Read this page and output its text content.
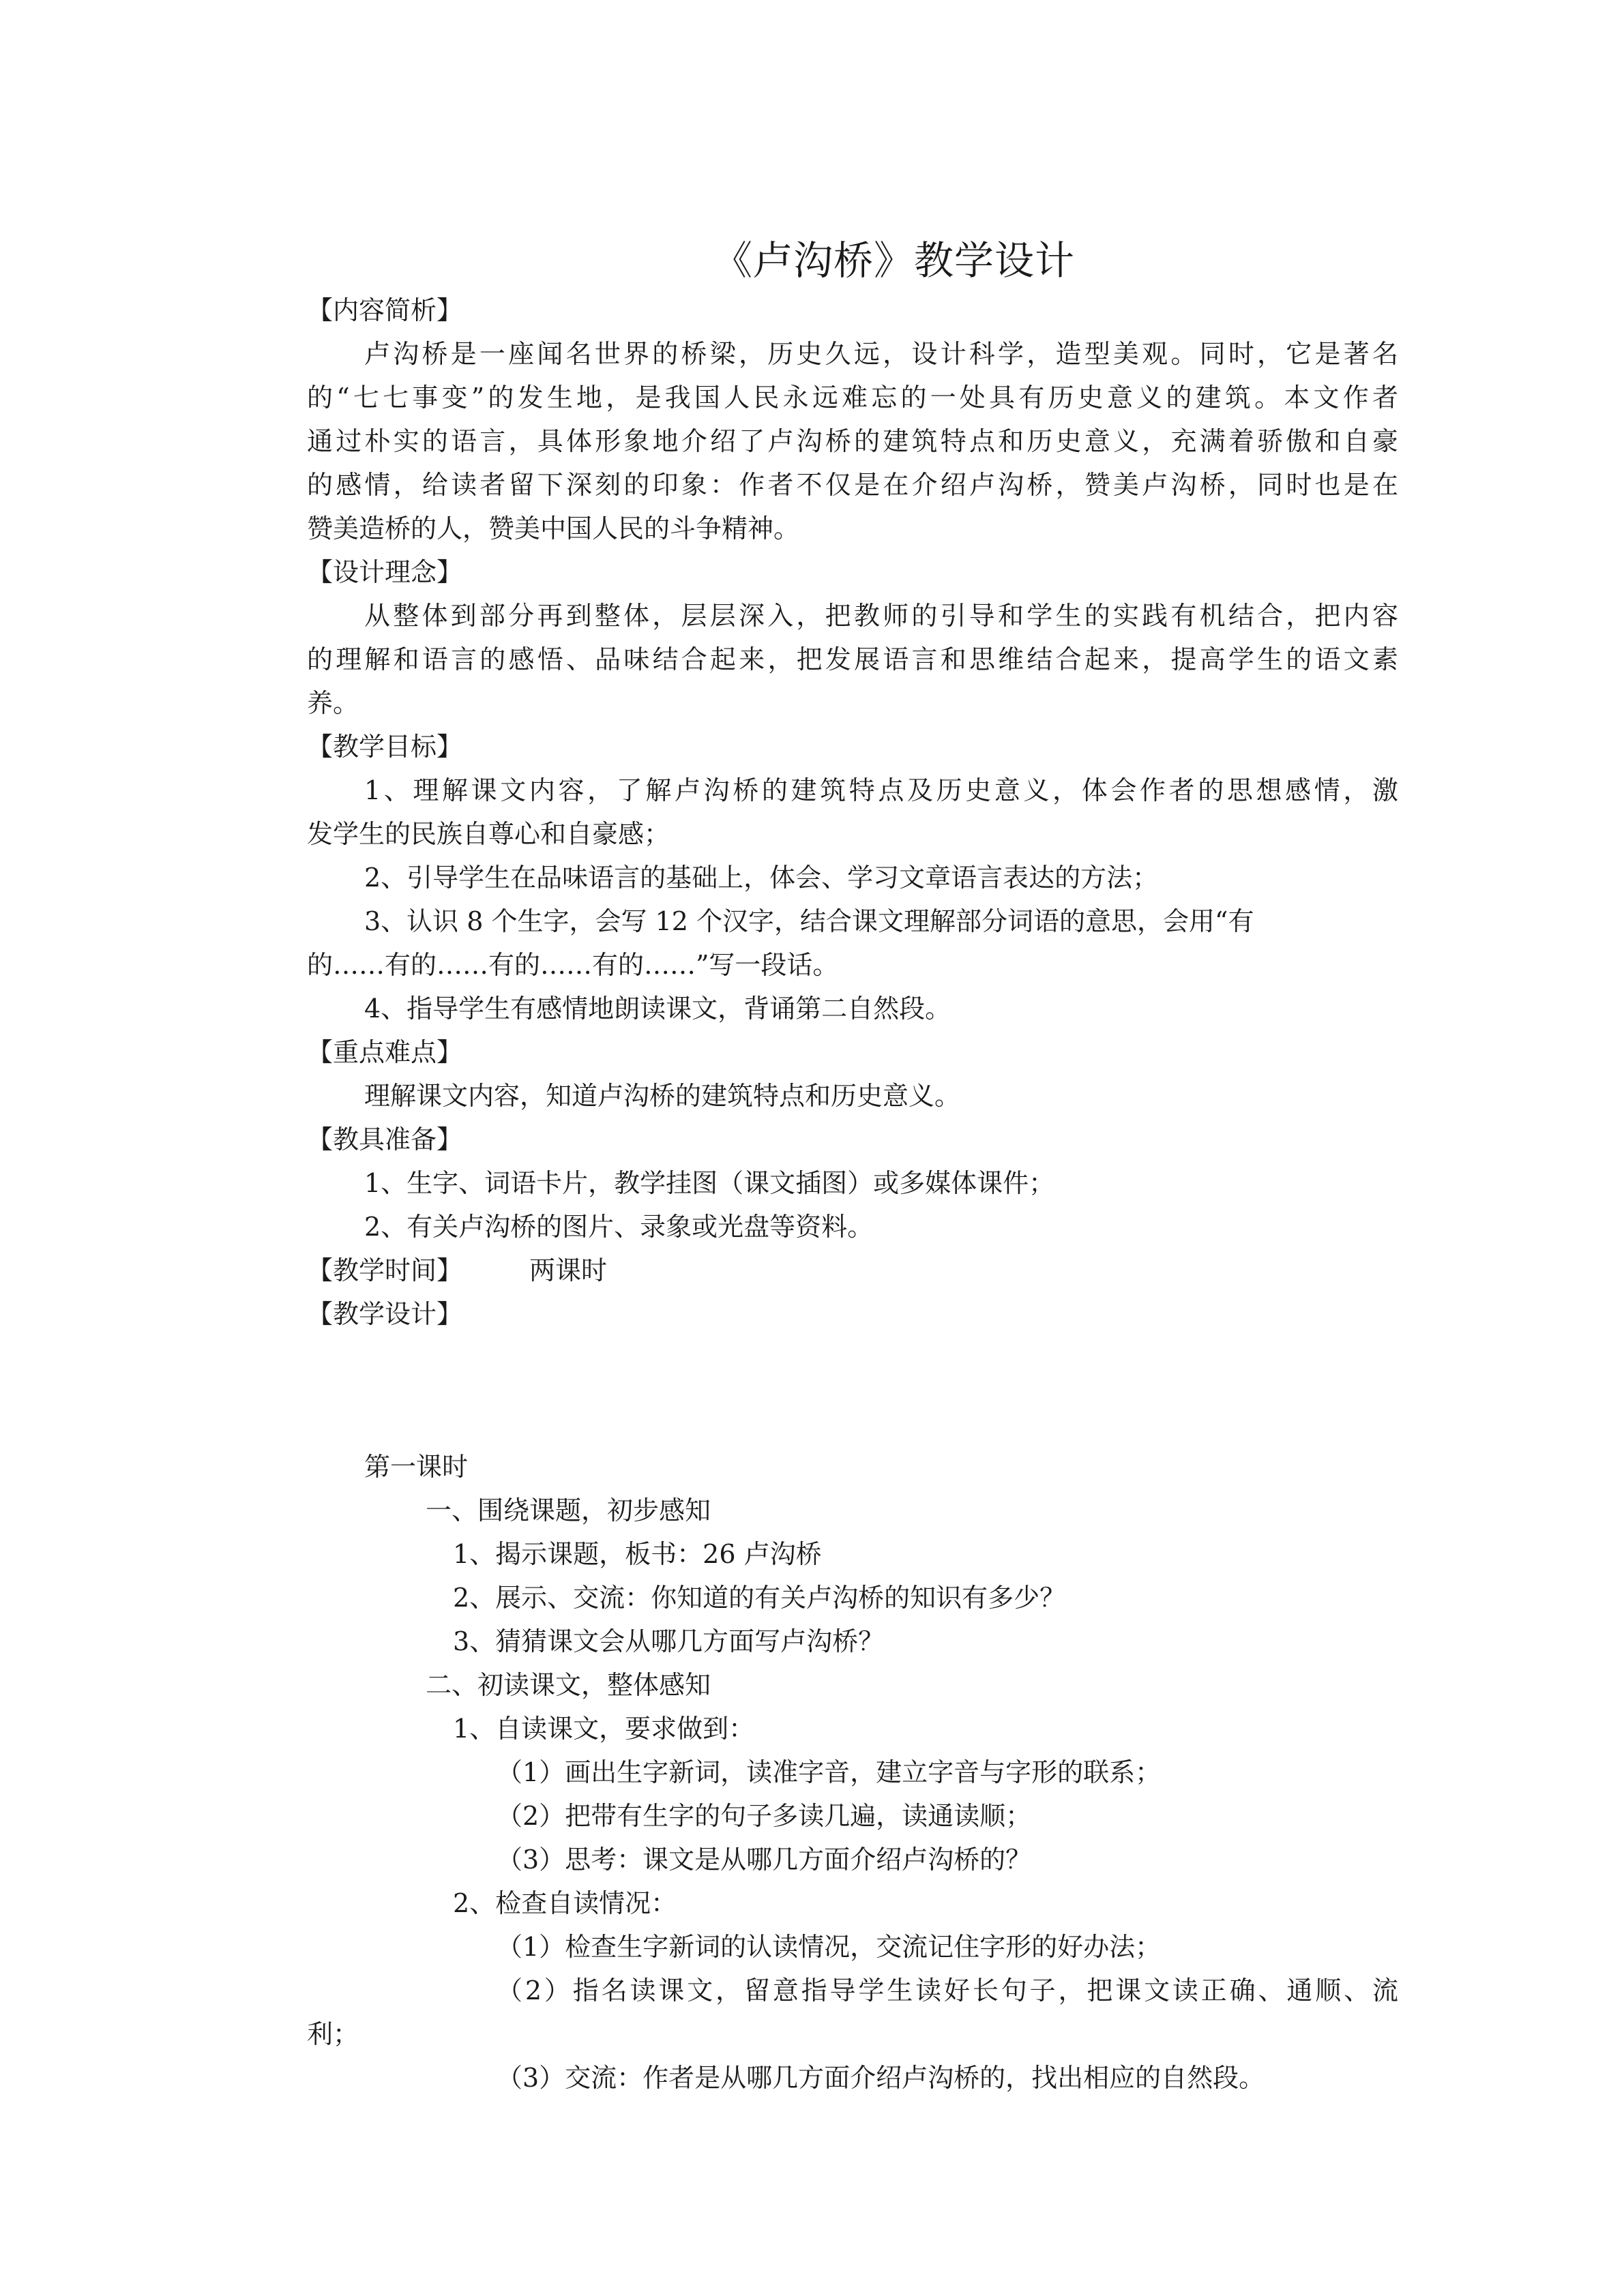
《卢沟桥》教学设计
【内容简析】
卢沟桥是一座闻名世界的桥梁，历史久远，设计科学，造型美观。同时，它是著名
的“七七事变”的发生地，是我国人民永远难忘的一处具有历史意义的建筑。本文作者
通过朴实的语言，具体形象地介绍了卢沟桥的建筑特点和历史意义，充满着骄傲和自豪
的感情，给读者留下深刻的印象：作者不仅是在介绍卢沟桥，赞美卢沟桥，同时也是在
赞美造桥的人，赞美中国人民的斗争精神。
【设计理念】
从整体到部分再到整体，层层深入，把教师的引导和学生的实践有机结合，把内容
的理解和语言的感悟、品味结合起来，把发展语言和思维结合起来，提高学生的语文素
养。
【教学目标】
1、理解课文内容，了解卢沟桥的建筑特点及历史意义，体会作者的思想感情，激
发学生的民族自尊心和自豪感；
2、引导学生在品味语言的基础上，体会、学习文章语言表达的方法；
3、认识 8 个生字，会写 12 个汉字，结合课文理解部分词语的意思，会用“有
的……有的……有的……有的……”写一段话。
4、指导学生有感情地朗读课文，背诵第二自然段。
【重点难点】
理解课文内容，知道卢沟桥的建筑特点和历史意义。
【教具准备】
1、生字、词语卡片，教学挂图（课文插图）或多媒体课件；
2、有关卢沟桥的图片、录象或光盘等资料。
【教学时间】	两课时
【教学设计】
第一课时
一、围绕课题，初步感知
1、揭示课题，板书：26 卢沟桥
2、展示、交流：你知道的有关卢沟桥的知识有多少？
3、猜猜课文会从哪几方面写卢沟桥？
二、初读课文，整体感知
1、自读课文，要求做到：
（1）画出生字新词，读准字音，建立字音与字形的联系；
（2）把带有生字的句子多读几遍，读通读顺；
（3）思考：课文是从哪几方面介绍卢沟桥的？
2、检查自读情况：
（1）检查生字新词的认读情况，交流记住字形的好办法；
（2）指名读课文，留意指导学生读好长句子，把课文读正确、通顺、流
利；
（3）交流：作者是从哪几方面介绍卢沟桥的，找出相应的自然段。
